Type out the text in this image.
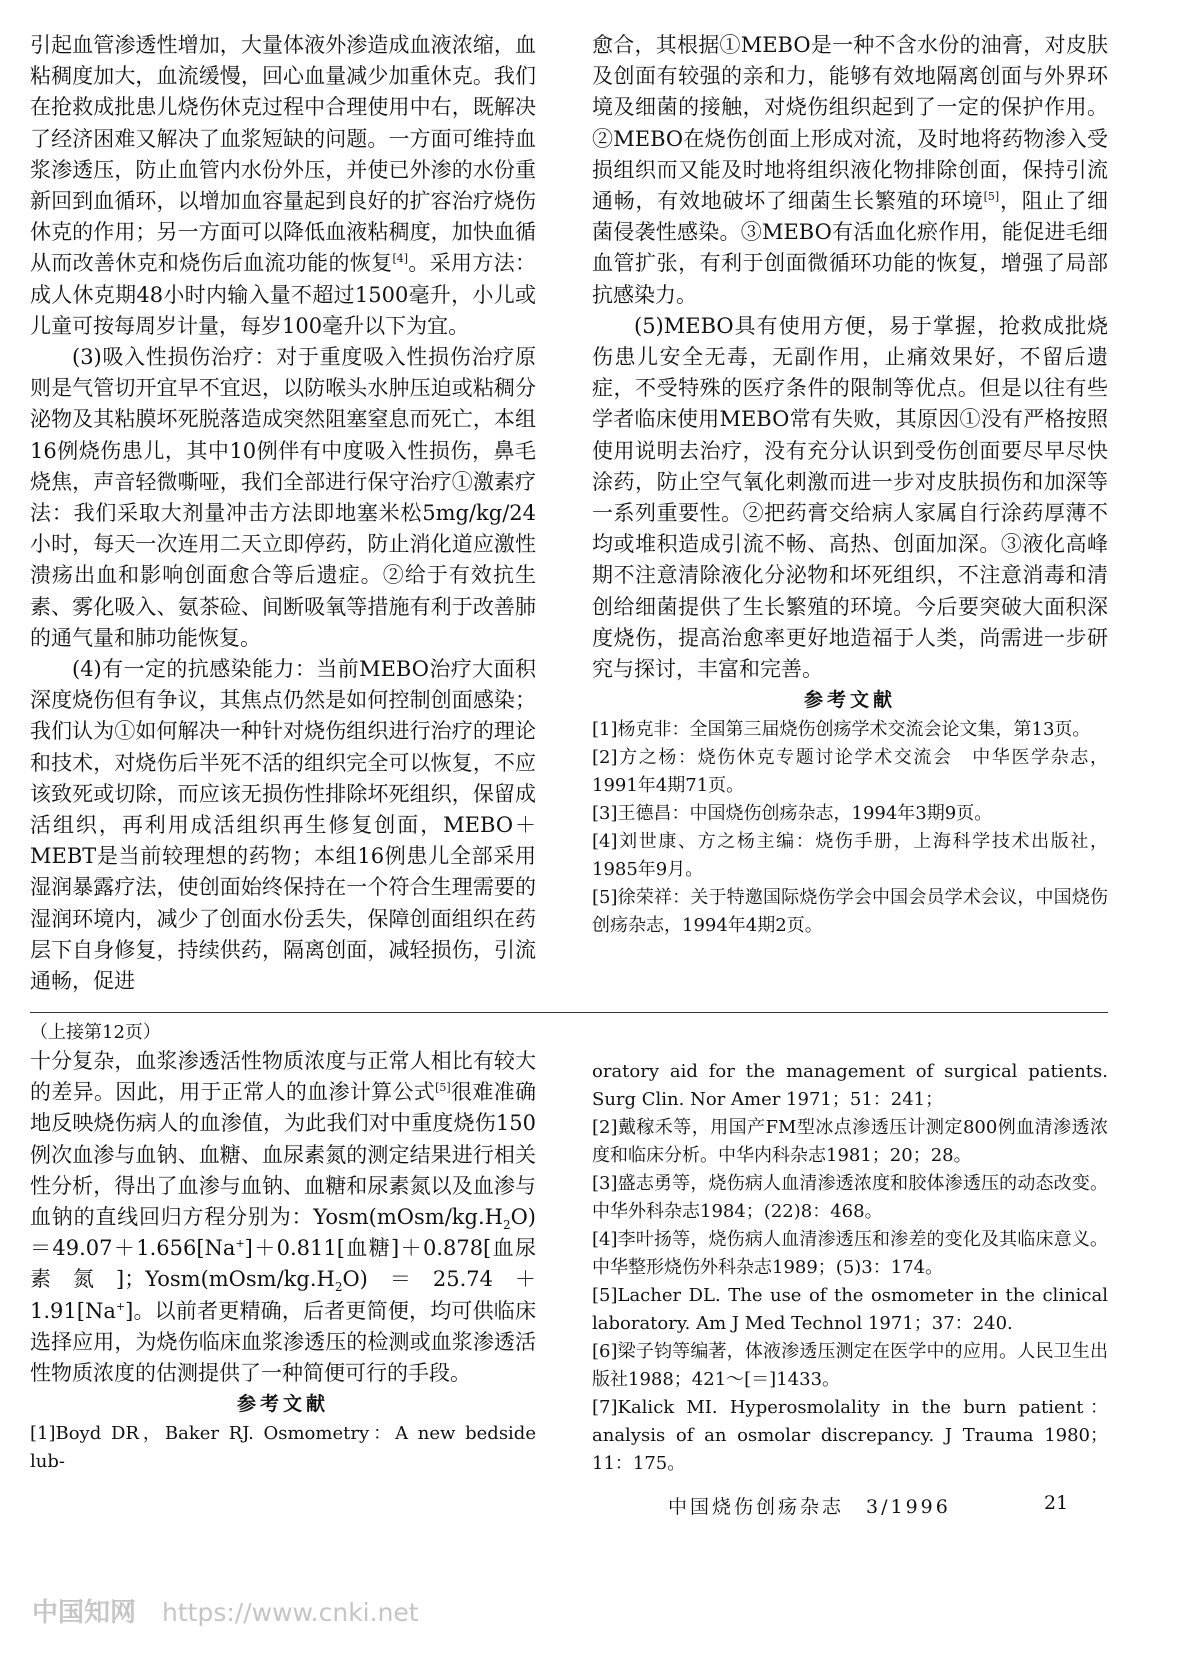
引起血管渗透性增加，大量体液外渗造成血液浓缩，血粘稠度加大，血流缓慢，回心血量减少加重休克。我们在抢救成批患儿烧伤休克过程中合理使用中右，既解决了经济困难又解决了血浆短缺的问题。一方面可维持血浆渗透压，防止血管内水份外压，并使已外渗的水份重新回到血循环，以增加血容量起到良好的扩容治疗烧伤休克的作用；另一方面可以降低血液粘稠度，加快血循从而改善休克和烧伤后血流功能的恢复[4]。采用方法：成人休克期48小时内输入量不超过1500毫升，小儿或儿童可按每周岁计量，每岁100毫升以下为宜。

(3)吸入性损伤治疗：对于重度吸入性损伤治疗原则是气管切开宜早不宜迟，以防喉头水肿压迫或粘稠分泌物及其粘膜坏死脱落造成突然阻塞窒息而死亡，本组16例烧伤患儿，其中10例伴有中度吸入性损伤，鼻毛烧焦，声音轻微嘶哑，我们全部进行保守治疗①激素疗法：我们采取大剂量冲击方法即地塞米松5mg/kg/24小时，每天一次连用二天立即停药，防止消化道应激性溃疡出血和影响创面愈合等后遗症。②给于有效抗生素、雾化吸入、氨茶硷、间断吸氧等措施有利于改善肺的通气量和肺功能恢复。

(4)有一定的抗感染能力：当前MEBO治疗大面积深度烧伤但有争议，其焦点仍然是如何控制创面感染；我们认为①如何解决一种针对烧伤组织进行治疗的理论和技术，对烧伤后半死不活的组织完全可以恢复，不应该致死或切除，而应该无损伤性排除坏死组织，保留成活组织，再利用成活组织再生修复创面，MEBO＋MEBT是当前较理想的药物；本组16例患儿全部采用湿润暴露疗法，使创面始终保持在一个符合生理需要的湿润环境内，减少了创面水份丢失，保障创面组织在药层下自身修复，持续供药，隔离创面，减轻损伤，引流通畅，促进

愈合，其根据①MEBO是一种不含水份的油膏，对皮肤及创面有较强的亲和力，能够有效地隔离创面与外界环境及细菌的接触，对烧伤组织起到了一定的保护作用。②MEBO在烧伤创面上形成对流，及时地将药物渗入受损组织而又能及时地将组织液化物排除创面，保持引流通畅，有效地破坏了细菌生长繁殖的环境[5]，阻止了细菌侵袭性感染。③MEBO有活血化瘀作用，能促进毛细血管扩张，有利于创面微循环功能的恢复，增强了局部抗感染力。

(5)MEBO具有使用方便，易于掌握，抢救成批烧伤患儿安全无毒，无副作用，止痛效果好，不留后遗症，不受特殊的医疗条件的限制等优点。但是以往有些学者临床使用MEBO常有失败，其原因①没有严格按照使用说明去治疗，没有充分认识到受伤创面要尽早尽快涂药，防止空气氧化刺激而进一步对皮肤损伤和加深等一系列重要性。②把药膏交给病人家属自行涂药厚薄不均或堆积造成引流不畅、高热、创面加深。③液化高峰期不注意清除液化分泌物和坏死组织，不注意消毒和清创给细菌提供了生长繁殖的环境。今后要突破大面积深度烧伤，提高治愈率更好地造福于人类，尚需进一步研究与探讨，丰富和完善。

参考文献

[1]杨克非：全国第三届烧伤创疡学术交流会论文集，第13页。

[2]方之杨：烧伤休克专题讨论学术交流会　中华医学杂志，1991年4期71页。

[3]王德昌：中国烧伤创疡杂志，1994年3期9页。

[4]刘世康、方之杨主编：烧伤手册，上海科学技术出版社，1985年9月。

[5]徐荣祥：关于特邀国际烧伤学会中国会员学术会议，中国烧伤创疡杂志，1994年4期2页。

（上接第12页）

十分复杂，血浆渗透活性物质浓度与正常人相比有较大的差异。因此，用于正常人的血渗计算公式[5]很难准确地反映烧伤病人的血渗值，为此我们对中重度烧伤150例次血渗与血钠、血糖、血尿素氮的测定结果进行相关性分析，得出了血渗与血钠、血糖和尿素氮以及血渗与血钠的直线回归方程分别为：$Yosm(mOsm/kg.H_2O)=49.07+1.656[Na^+]+0.811$[血糖]＋0.878[血尿素氮]；$Yosm(mOsm/kg.H_2O)=25.74+1.91[Na^+]$。以前者更精确，后者更简便，均可供临床选择应用，为烧伤临床血浆渗透压的检测或血浆渗透活性物质浓度的估测提供了一种简便可行的手段。

参考文献

[1]Boyd DR，Baker RJ. Osmometry：A new bedside lub-

oratory aid for the management of surgical patients. Surg Clin. Nor Amer 1971；51：241；

[2]戴稼禾等，用国产FM型冰点渗透压计测定800例血清渗透浓度和临床分析。中华内科杂志1981；20；28。

[3]盛志勇等，烧伤病人血清渗透浓度和胶体渗透压的动态改变。中华外科杂志1984；(22)8：468。

[4]李叶扬等，烧伤病人血清渗透压和渗差的变化及其临床意义。中华整形烧伤外科杂志1989；(5)3：174。

[5]Lacher DL. The use of the osmometer in the clinical laboratory. Am J Med Technol 1971；37：240.

[6]梁子钧等编著，体液渗透压测定在医学中的应用。人民卫生出版社1988；421～[＝]1433。

[7]Kalick MI. Hyperosmolality in the burn patient：analysis of an osmolar discrepancy. J Trauma 1980；11：175。

中国烧伤创疡杂志　3/1996	21
中国知网 https://www.cnki.net
